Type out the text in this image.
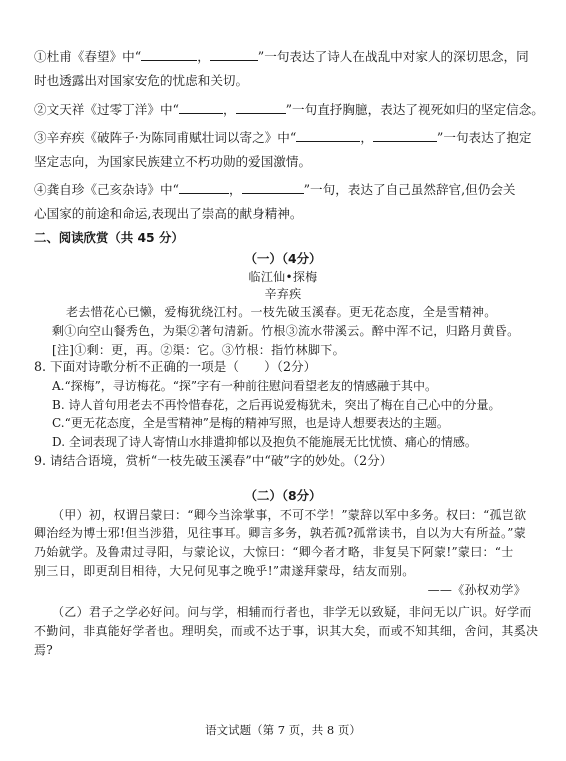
①杜甫《春望》中“	，	”一句表达了诗人在战乱中对家人的深切思念，同
时也透露出对国家安危的忧虑和关切。
②文天祥《过零丁洋》中“	，	”一句直抒胸臆，表达了视死如归的坚定信念。
③辛弃疾《破阵子·为陈同甫赋壮词以寄之》中“	，	”一句表达了抱定
坚定志向，为国家民族建立不朽功勋的爱国激情。
④龚自珍《己亥杂诗》中“	，	”一句，表达了自己虽然辞官,但仍会关
心国家的前途和命运,表现出了崇高的献身精神。
二、阅读欣赏（共 45 分）
（一）（4分）
临江仙•探梅
辛弃疾
老去惜花心已懒，爱梅犹绕江村。一枝先破玉溪春。更无花态度，全是雪精神。
剩①向空山餐秀色，为渠②著句清新。竹根③流水带溪云。醉中浑不记，归路月黄昏。
[注]①剩：更，再。②渠：它。③竹根：指竹林脚下。
8. 下面对诗歌分析不正确的一项是（　　）（2分）
A.“探梅”，寻访梅花。“探”字有一种前往慰问看望老友的情感融于其中。
B. 诗人首句用老去不再怜惜春花，之后再说爱梅犹未，突出了梅在自己心中的分量。
C.“更无花态度，全是雪精神”是梅的精神写照，也是诗人想要表达的主题。
D. 全词表现了诗人寄情山水排遣抑郁以及抱负不能施展无比忧愤、痛心的情感。
9. 请结合语境，赏析“一枝先破玉溪春”中“破”字的妙处。（2分）
（二）（8分）
（甲）初，权谓吕蒙曰：“卿今当涂掌事，不可不学！”蒙辞以军中多务。权曰：“孤岂欲
卿治经为博士邪!但当涉猎，见往事耳。卿言多务，孰若孤?孤常读书，自以为大有所益。”蒙
乃始就学。及鲁肃过寻阳，与蒙论议，大惊曰：“卿今者才略，非复吴下阿蒙!”蒙曰：“士
别三日，即更刮目相待，大兄何见事之晚乎!”肃遂拜蒙母，结友而别。
——《孙权劝学》
（乙）君子之学必好问。问与学，相辅而行者也，非学无以致疑，非问无以广识。好学而
不勤问，非真能好学者也。理明矣，而或不达于事，识其大矣，而或不知其细，舍问，其奚决
焉?
语文试题（第 7 页，共 8 页）
